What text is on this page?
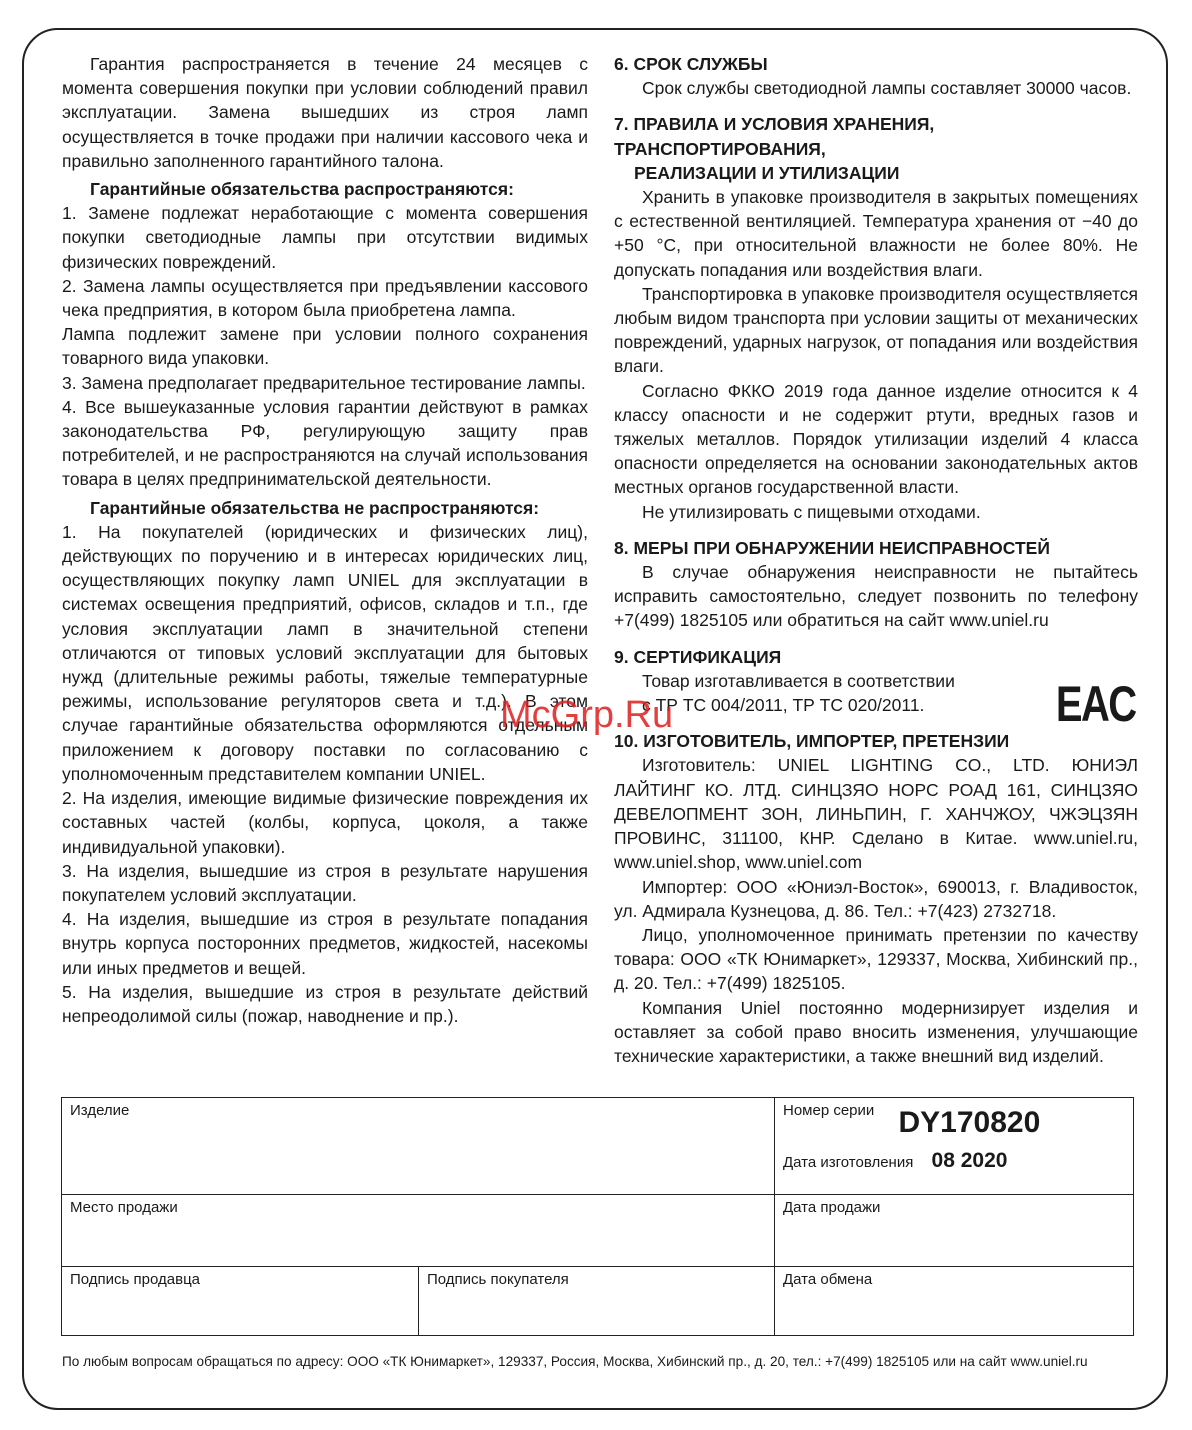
Гарантия распространяется в течение 24 месяцев с момента совершения покупки при условии соблюдений правил эксплуатации. Замена вышедших из строя ламп осуществляется в точке продажи при наличии кассового чека и правильно заполненного гарантийного талона.

Гарантийные обязательства распространяются:

1. Замене подлежат неработающие с момента совершения покупки светодиодные лампы при отсутствии видимых физических повреждений.

2. Замена лампы осуществляется при предъявлении кассового чека предприятия, в котором была приобретена лампа.

Лампа подлежит замене при условии полного сохранения товарного вида упаковки.

3. Замена предполагает предварительное тестирование лампы.

4. Все вышеуказанные условия гарантии действуют в рамках законодательства РФ, регулирующую защиту прав потребителей, и не распространяются на случай использования товара в целях предпринимательской деятельности.

Гарантийные обязательства не распространяются:

1. На покупателей (юридических и физических лиц), действующих по поручению и в интересах юридических лиц, осуществляющих покупку ламп UNIEL для эксплуатации в системах освещения предприятий, офисов, складов и т.п., где условия эксплуатации ламп в значительной степени отличаются от типовых условий эксплуатации для бытовых нужд (длительные режимы работы, тяжелые температурные режимы, использование регуляторов света и т.д.). В этом случае гарантийные обязательства оформляются отдельным приложением к договору поставки по согласованию с уполномоченным представителем компании UNIEL.

2. На изделия, имеющие видимые физические повреждения их составных частей (колбы, корпуса, цоколя, а также индивидуальной упаковки).

3. На изделия, вышедшие из строя в результате нарушения покупателем условий эксплуатации.

4. На изделия, вышедшие из строя в результате попадания внутрь корпуса посторонних предметов, жидкостей, насекомы или иных предметов и вещей.

5. На изделия, вышедшие из строя в результате действий непреодолимой силы (пожар, наводнение и пр.).

6. СРОК СЛУЖБЫ

Срок службы светодиодной лампы составляет 30000 часов.

7. ПРАВИЛА И УСЛОВИЯ ХРАНЕНИЯ, ТРАНСПОРТИРОВАНИЯ,
РЕАЛИЗАЦИИ И УТИЛИЗАЦИИ

Хранить в упаковке производителя в закрытых помещениях с естественной вентиляцией. Температура хранения от −40 до +50 °С, при относительной влажности не более 80%. Не допускать попадания или воздействия влаги.

Транспортировка в упаковке производителя осуществляется любым видом транспорта при условии защиты от механических повреждений, ударных нагрузок, от попадания или воздействия влаги.

Согласно ФККО 2019 года данное изделие относится к 4 классу опасности и не содержит ртути, вредных газов и тяжелых металлов. Порядок утилизации изделий 4 класса опасности определяется на основании законодательных актов местных органов государственной власти.

Не утилизировать с пищевыми отходами.

8. МЕРЫ ПРИ ОБНАРУЖЕНИИ НЕИСПРАВНОСТЕЙ

В случае обнаружения неисправности не пытайтесь исправить самостоятельно, следует позвонить по телефону +7(499) 1825105 или обратиться на сайт www.uniel.ru

9. СЕРТИФИКАЦИЯ

Товар изготавливается в соответствии

с ТР ТС 004/2011, ТР ТС 020/2011.	EAC
10. ИЗГОТОВИТЕЛЬ, ИМПОРТЕР, ПРЕТЕНЗИИ

Изготовитель: UNIEL LIGHTING CO., LTD. ЮНИЭЛ ЛАЙТИНГ КО. ЛТД. СИНЦЗЯО НОРС РОАД 161, СИНЦЗЯО ДЕВЕЛОПМЕНТ ЗОН, ЛИНЬПИН, Г. ХАНЧЖОУ, ЧЖЭЦЗЯН ПРОВИНС, 311100, КНР. Сделано в Китае. www.uniel.ru, www.uniel.shop, www.uniel.com

Импортер: ООО «Юниэл-Восток», 690013, г. Владивосток, ул. Адмирала Кузнецова, д. 86. Тел.: +7(423) 2732718.

Лицо, уполномоченное принимать претензии по качеству товара: ООО «ТК Юнимаркет», 129337, Москва, Хибинский пр., д. 20. Тел.: +7(499) 1825105.

Компания Uniel постоянно модернизирует изделия и оставляет за собой право вносить изменения, улучшающие технические характеристики, а также внешний вид изделий.

McGrp.Ru
Изделие		Номер серии DY170820
Дата изготовления 08 2020

Место продажи		Дата продажи
Подпись продавца	Подпись покупателя	Дата обмена
По любым вопросам обращаться по адресу: ООО «ТК Юнимаркет», 129337, Россия, Москва, Хибинский пр., д. 20, тел.: +7(499) 1825105 или на сайт www.uniel.ru
